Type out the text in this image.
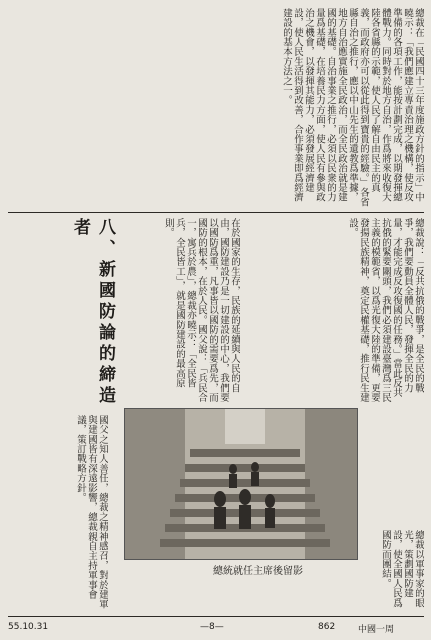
總裁在「民國四十三年度施政方針的指示」中曉示：「我們應建立專責治理之機構，使反攻準備的各項工作，能按計劃完成，以期發揮總體戰力。同時對於地方自治，作爲將來收復大陸各省縣的示範，使人民了解自由民主的真義，而政府亦可以從此得到寶貴的經驗。」各省縣自治之推行，應以中山先生的遺教爲準據，地方自治應實施全民政治，而全民政治就是建國的基礎。自治事業之推行，必須以民衆的力量爲基礎，在培養民力方面，使人民有參與政治之機會，以發揮其能力，必須發展經濟建設，使人民生活得到改善，合作事業即爲經濟建設的基本方法之一。
總裁說：「反共抗俄的戰爭，是全民的戰爭，我們要動員全體人民，發揮全民的力量，才能完成反攻復國的任務。」當此反共抗俄的緊要關頭，我們必須建設臺灣爲三民主義的模範省，以爲光復大陸的準備，更要發揚民族精神，奠定民權基礎，推行民生建設。
在於國家的生存，民族的延續與人民的自由，國防建設乃是一切建設的中心，我們要以國防爲重，凡事皆以國防的需要爲先，而國防的根本，在於人民。國父說：「兵民合一，寓兵於農」，總裁亦曉示：「全民皆兵，全民皆工」，就是國防建設的最高原則。
八、新國防論的締造者
總統就任主席後留影
國父之知人善任，總裁之精神感召，對於建軍與建國皆有深遠影響，總裁親自主持軍事會議，策訂戰略方針。
總裁以軍事家的眼光，策劃國防建設，使全國人民爲國防而團結。
55.10.31	—8—	862	中國一周
